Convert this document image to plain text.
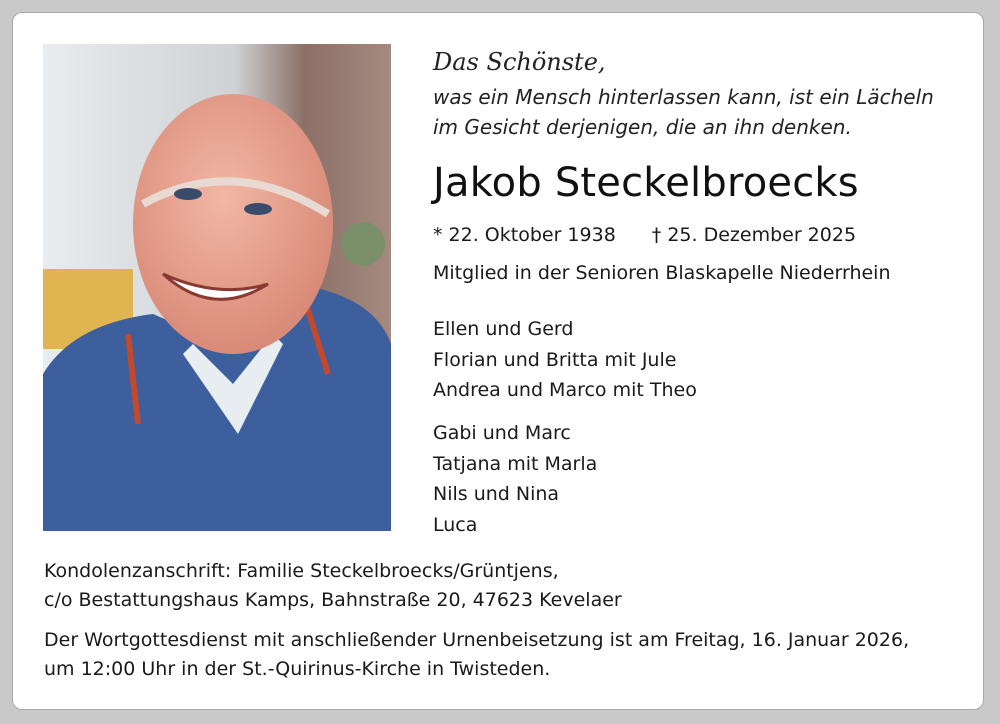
Das Schönste,
was ein Mensch hinterlassen kann, ist ein Lächeln
im Gesicht derjenigen, die an ihn denken.
Jakob Steckelbroecks
* 22. Oktober 1938 † 25. Dezember 2025
Mitglied in der Senioren Blaskapelle Niederrhein
Ellen und Gerd
Florian und Britta mit Jule
Andrea und Marco mit Theo
Gabi und Marc
Tatjana mit Marla
Nils und Nina
Luca
Kondolenzanschrift: Familie Steckelbroecks/Grüntjens,
c/o Bestattungshaus Kamps, Bahnstraße 20, 47623 Kevelaer
Der Wortgottesdienst mit anschließender Urnenbeisetzung ist am Freitag, 16. Januar 2026,
um 12:00 Uhr in der St.-Quirinus-Kirche in Twisteden.
